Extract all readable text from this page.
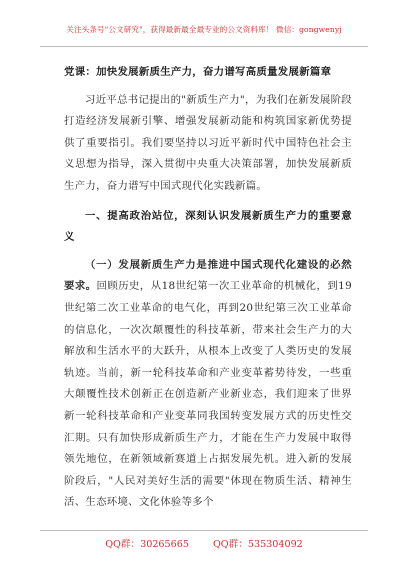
关注头条号"公文研究"，获得最新最全最专业的公文资料库！ 微信：gongwenyj
党课：加快发展新质生产力，奋力谱写高质量发展新篇章

习近平总书记提出的"新质生产力"，为我们在新发展阶段打造经济发展新引擎、增强发展新动能和构筑国家新优势提供了重要指引。我们要坚持以习近平新时代中国特色社会主义思想为指导，深入贯彻中央重大决策部署，加快发展新质生产力，奋力谱写中国式现代化实践新篇。

一、提高政治站位，深刻认识发展新质生产力的重要意义

（一）发展新质生产力是推进中国式现代化建设的必然要求。回顾历史，从18世纪第一次工业革命的机械化，到19世纪第二次工业革命的电气化，再到20世纪第三次工业革命的信息化，一次次颠覆性的科技革新，带来社会生产力的大解放和生活水平的大跃升，从根本上改变了人类历史的发展轨迹。当前，新一轮科技革命和产业变革蓄势待发，一些重大颠覆性技术创新正在创造新产业新业态，我们迎来了世界新一轮科技革命和产业变革同我国转变发展方式的历史性交汇期。只有加快形成新质生产力，才能在生产力发展中取得领先地位，在新领域新赛道上占据发展先机。进入新的发展阶段后，"人民对美好生活的需要"体现在物质生活、精神生活、生态环境、文化体验等多个

QQ群：30265665	QQ群：535304092
